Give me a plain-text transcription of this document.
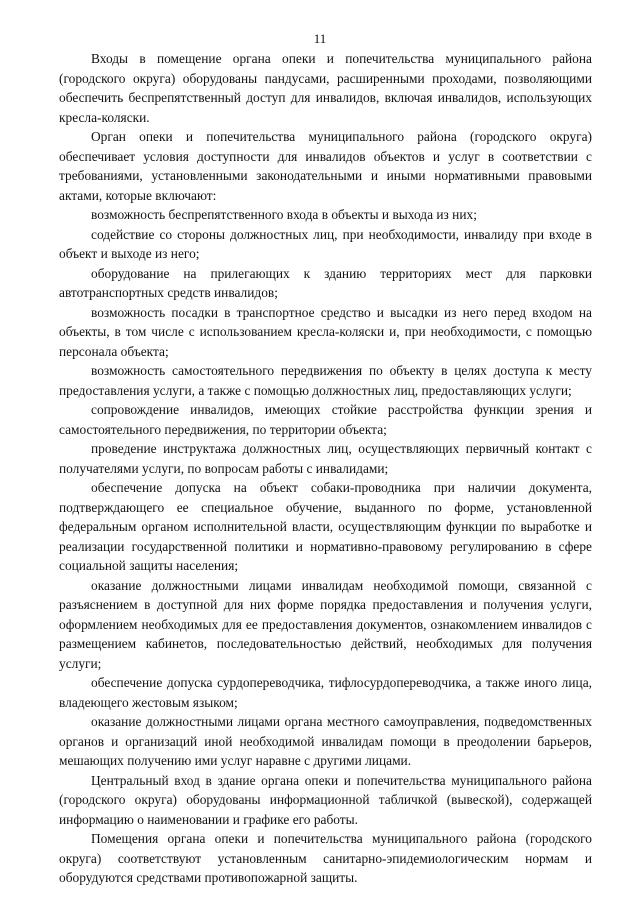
11

Входы в помещение органа опеки и попечительства муниципального района (городского округа) оборудованы пандусами, расширенными проходами, позволяющими обеспечить беспрепятственный доступ для инвалидов, включая инвалидов, использующих кресла-коляски.

Орган опеки и попечительства муниципального района (городского округа) обеспечивает условия доступности для инвалидов объектов и услуг в соответствии с требованиями, установленными законодательными и иными нормативными правовыми актами, которые включают:

возможность беспрепятственного входа в объекты и выхода из них;

содействие со стороны должностных лиц, при необходимости, инвалиду при входе в объект и выходе из него;

оборудование на прилегающих к зданию территориях мест для парковки автотранспортных средств инвалидов;

возможность посадки в транспортное средство и высадки из него перед входом на объекты, в том числе с использованием кресла-коляски и, при необходимости, с помощью персонала объекта;

возможность самостоятельного передвижения по объекту в целях доступа к месту предоставления услуги, а также с помощью должностных лиц, предоставляющих услуги;

сопровождение инвалидов, имеющих стойкие расстройства функции зрения и самостоятельного передвижения, по территории объекта;

проведение инструктажа должностных лиц, осуществляющих первичный контакт с получателями услуги, по вопросам работы с инвалидами;

обеспечение допуска на объект собаки-проводника при наличии документа, подтверждающего ее специальное обучение, выданного по форме, установленной федеральным органом исполнительной власти, осуществляющим функции по выработке и реализации государственной политики и нормативно-правовому регулированию в сфере социальной защиты населения;

оказание должностными лицами инвалидам необходимой помощи, связанной с разъяснением в доступной для них форме порядка предоставления и получения услуги, оформлением необходимых для ее предоставления документов, ознакомлением инвалидов с размещением кабинетов, последовательностью действий, необходимых для получения услуги;

обеспечение допуска сурдопереводчика, тифлосурдопереводчика, а также иного лица, владеющего жестовым языком;

оказание должностными лицами органа местного самоуправления, подведомственных органов и организаций иной необходимой инвалидам помощи в преодолении барьеров, мешающих получению ими услуг наравне с другими лицами.

Центральный вход в здание органа опеки и попечительства муниципального района (городского округа) оборудованы информационной табличкой (вывеской), содержащей информацию о наименовании и графике его работы.

Помещения органа опеки и попечительства муниципального района (городского округа) соответствуют установленным санитарно-эпидемиологическим нормам и оборудуются средствами противопожарной защиты.
